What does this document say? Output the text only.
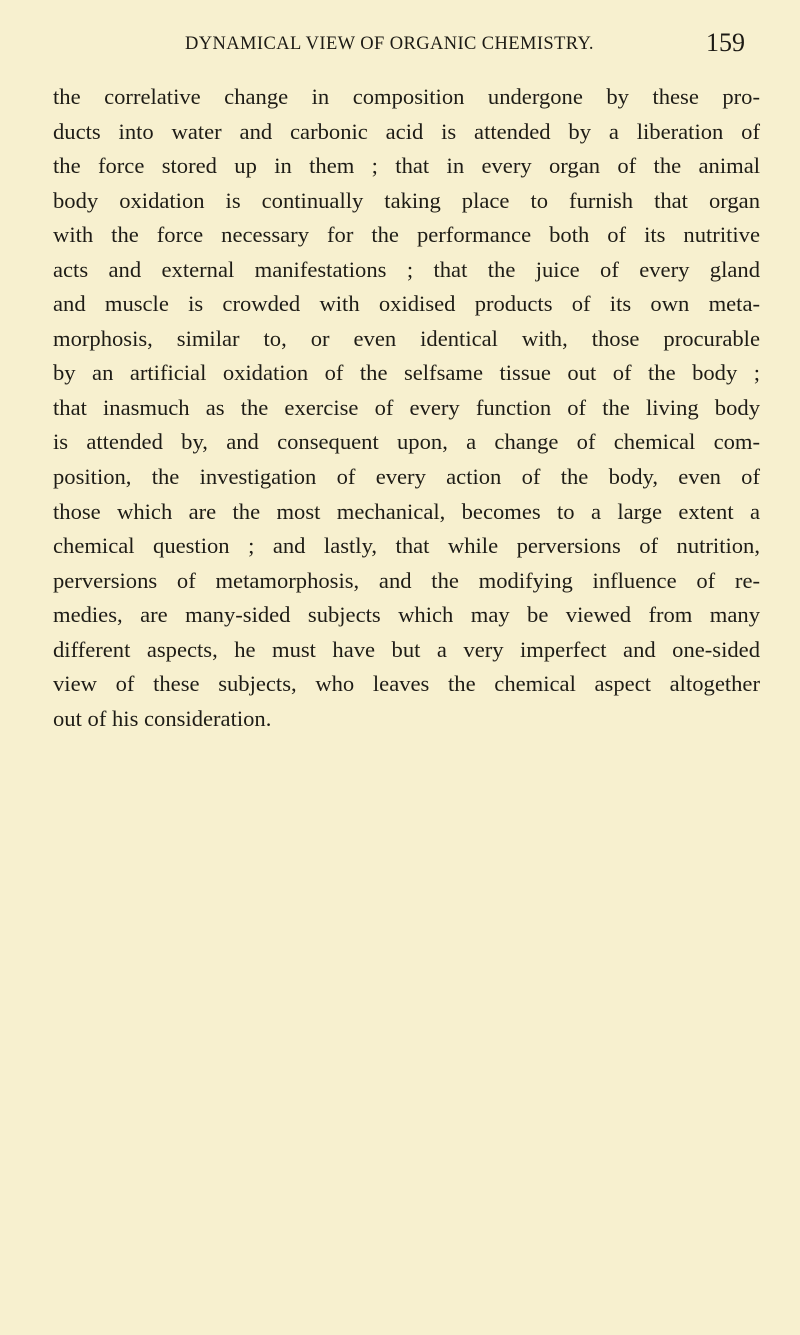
DYNAMICAL VIEW OF ORGANIC CHEMISTRY.	159
the correlative change in composition undergone by these pro-
ducts into water and carbonic acid is attended by a liberation of
the force stored up in them ; that in every organ of the animal
body oxidation is continually taking place to furnish that organ
with the force necessary for the performance both of its nutritive
acts and external manifestations ; that the juice of every gland
and muscle is crowded with oxidised products of its own meta-
morphosis, similar to, or even identical with, those procurable
by an artificial oxidation of the selfsame tissue out of the body ;
that inasmuch as the exercise of every function of the living body
is attended by, and consequent upon, a change of chemical com-
position, the investigation of every action of the body, even of
those which are the most mechanical, becomes to a large extent a
chemical question ; and lastly, that while perversions of nutrition,
perversions of metamorphosis, and the modifying influence of re-
medies, are many-sided subjects which may be viewed from many
different aspects, he must have but a very imperfect and one-sided
view of these subjects, who leaves the chemical aspect altogether
out of his consideration.
